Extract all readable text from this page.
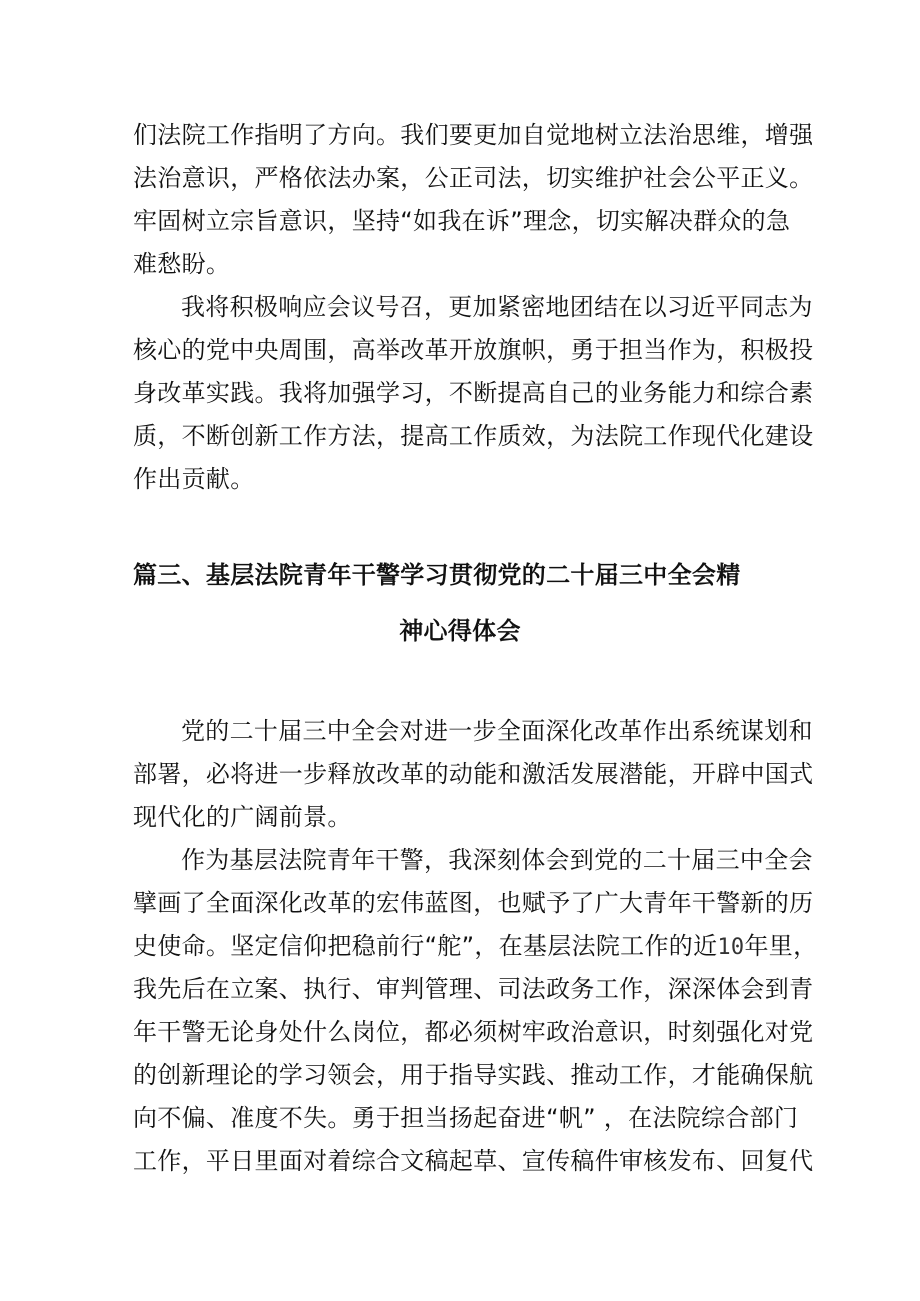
们法院工作指明了方向。我们要更加自觉地树立法治思维，增强
法治意识，严格依法办案，公正司法，切实维护社会公平正义。
牢固树立宗旨意识，坚持“如我在诉”理念，切实解决群众的急
难愁盼。
我将积极响应会议号召，更加紧密地团结在以习近平同志为
核心的党中央周围，高举改革开放旗帜，勇于担当作为，积极投
身改革实践。我将加强学习，不断提高自己的业务能力和综合素
质，不断创新工作方法，提高工作质效，为法院工作现代化建设
作出贡献。
篇三、基层法院青年干警学习贯彻党的二十届三中全会精
神心得体会
党的二十届三中全会对进一步全面深化改革作出系统谋划和
部署，必将进一步释放改革的动能和激活发展潜能，开辟中国式
现代化的广阔前景。
作为基层法院青年干警，我深刻体会到党的二十届三中全会
擘画了全面深化改革的宏伟蓝图，也赋予了广大青年干警新的历
史使命。坚定信仰把稳前行“舵”，在基层法院工作的近10年里，
我先后在立案、执行、审判管理、司法政务工作，深深体会到青
年干警无论身处什么岗位，都必须树牢政治意识，时刻强化对党
的创新理论的学习领会，用于指导实践、推动工作，才能确保航
向不偏、准度不失。勇于担当扬起奋进“帆” ，在法院综合部门
工作，平日里面对着综合文稿起草、宣传稿件审核发布、回复代
